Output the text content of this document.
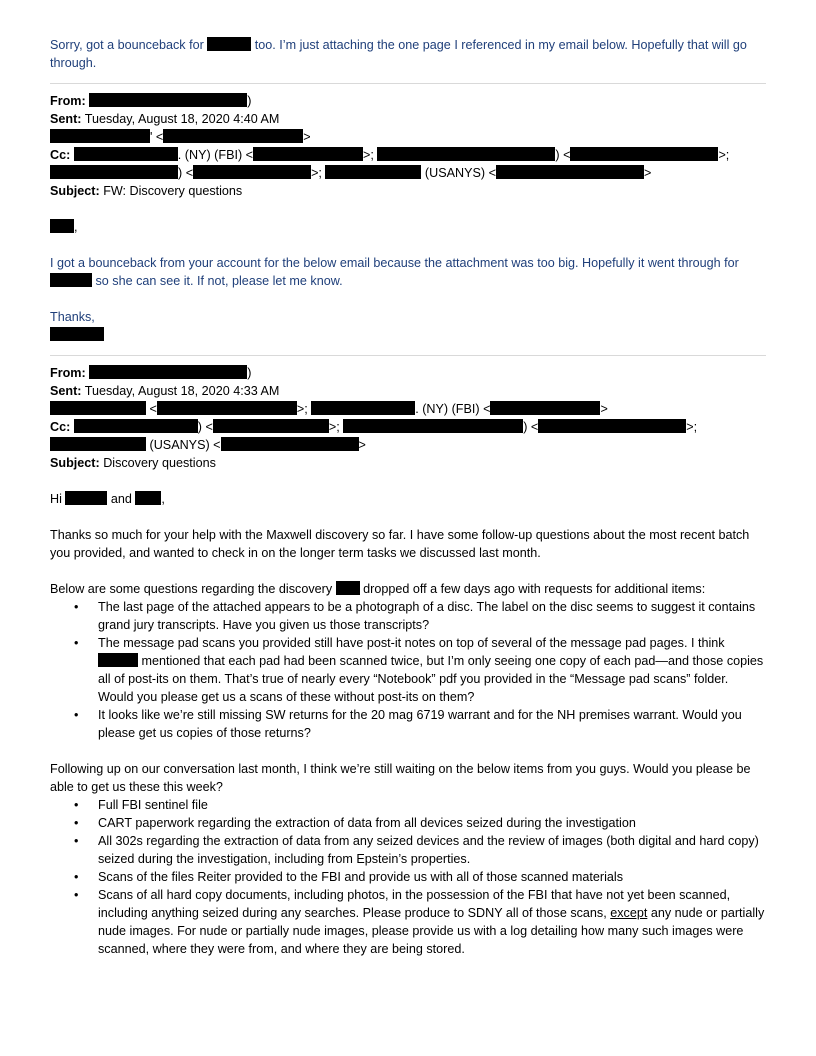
Sorry, got a bounceback for	too. I’m just attaching the one page I referenced in my email below. Hopefully that will go through.

From:	)
Sent: Tuesday, August 18, 2020 4:40 AM
' <	>
Cc:	. (NY) (FBI) <	>;	) <	>;
) <	>;	(USANYS) <	>
Subject: FW: Discovery questions
,

I got a bounceback from your account for the below email because the attachment was too big. Hopefully it went through for  so she can see it. If not, please let me know.

Thanks,

From:	)
Sent: Tuesday, August 18, 2020 4:33 AM
<	>;	. (NY) (FBI) <	>
Cc:	) <	>;	) <	>;
(USANYS) <	>
Subject: Discovery questions
Hi	and ,

Thanks so much for your help with the Maxwell discovery so far. I have some follow-up questions about the most recent batch you provided, and wanted to check in on the longer term tasks we discussed last month.

Below are some questions regarding the discovery dropped off a few days ago with requests for additional items:

• The last page of the attached appears to be a photograph of a disc. The label on the disc seems to suggest it contains grand jury transcripts. Have you given us those transcripts?
• The message pad scans you provided still have post-it notes on top of several of the message pad pages. I think  mentioned that each pad had been scanned twice, but I’m only seeing one copy of each pad—and those copies all of post-its on them. That’s true of nearly every “Notebook” pdf you provided in the “Message pad scans” folder. Would you please get us a scans of these without post-its on them?
• It looks like we’re still missing SW returns for the 20 mag 6719 warrant and for the NH premises warrant. Would you please get us copies of those returns?

Following up on our conversation last month, I think we’re still waiting on the below items from you guys. Would you please be able to get us these this week?

• Full FBI sentinel file
• CART paperwork regarding the extraction of data from all devices seized during the investigation
• All 302s regarding the extraction of data from any seized devices and the review of images (both digital and hard copy) seized during the investigation, including from Epstein’s properties.
• Scans of the files Reiter provided to the FBI and provide us with all of those scanned materials
• Scans of all hard copy documents, including photos, in the possession of the FBI that have not yet been scanned, including anything seized during any searches. Please produce to SDNY all of those scans, except any nude or partially nude images. For nude or partially nude images, please provide us with a log detailing how many such images were scanned, where they were from, and where they are being stored.
